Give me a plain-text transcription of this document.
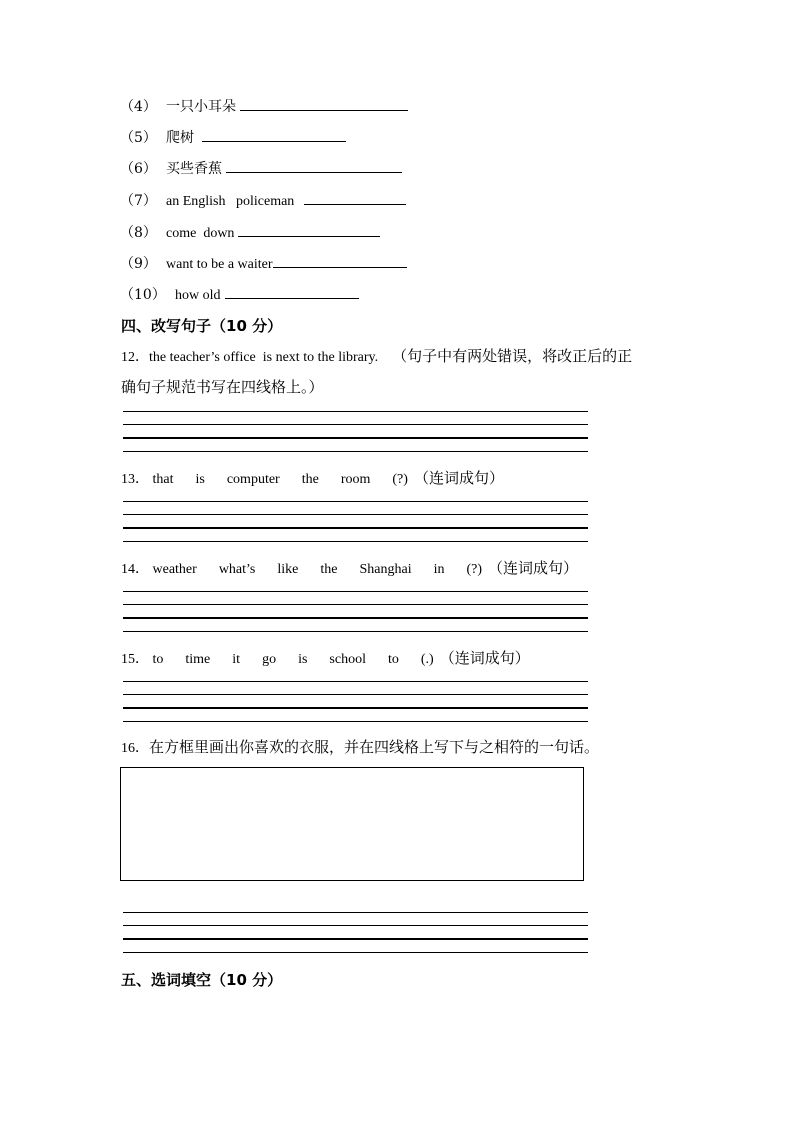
（4） 一只小耳朵
（5） 爬树
（6） 买些香蕉
（7） an English   policeman
（8） come  down
（9） want to be a waiter
（10） how old
四、改写句子（10 分）
12．the teacher’s office  is next to the library. （句子中有两处错误，将改正后的正
确句子规范书写在四线格上。）
13． that is computer the room (?) （连词成句）
14． weather what’s like the Shanghai in (?) （连词成句）
15． to time it go is school to (.) （连词成句）
16．在方框里画出你喜欢的衣服，并在四线格上写下与之相符的一句话。
五、选词填空（10 分）
